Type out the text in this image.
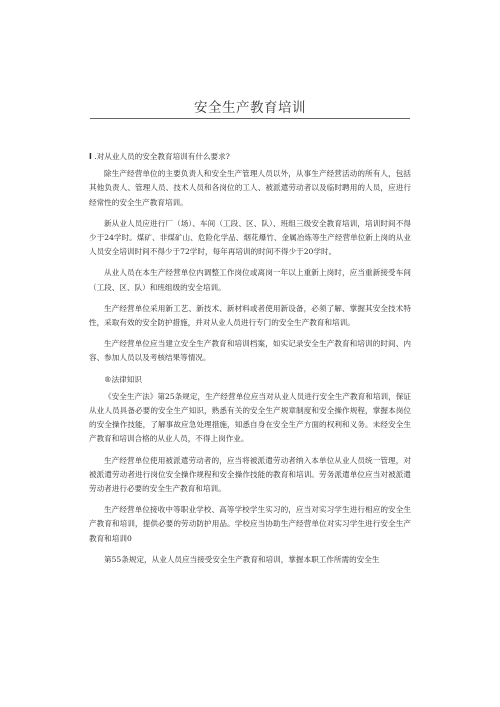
安全生产教育培训

I .对从业人员的安全教育培训有什么要求?

除生产经营单位的主要负责人和安全生产管理人员以外，从事生产经营活动的所有人，包括其他负责人、管理人员、技术人员和各岗位的工人、被派遣劳动者以及临时聘用的人员，应进行经常性的安全生产教育培训。

新从业人员应进行厂（场）、车间（工段、区、队）、班组三级安全教育培训，培训时间不得少于24学时。煤矿、非煤矿山、危险化学品、烟花爆竹、金属冶炼等生产经营单位新上岗的从业人员安全培训时间不得少于72学时，每年再培训的时间不得少于20学时。

从业人员在本生产经营单位内调整工作岗位或离岗一年以上重新上岗时，应当重新接受车间（工段、区、队）和班组级的安全培训。

生产经营单位采用新工艺、新技术、新材料或者使用新设备，必须了解、掌握其安全技术特性，采取有效的安全防护措施，并对从业人员进行专门的安全生产教育和培训。

生产经营单位应当建立安全生产教育和培训档案，如实记录安全生产教育和培训的时间、内容、参加人员以及考核结果等情况。

®法律知识

《安全生产法》第25条规定，生产经营单位应当对从业人员进行安全生产教育和培训，保证从业人员具备必要的安全生产知识，熟悉有关的安全生产规章制度和安全操作规程，掌握本岗位的安全操作技能，了解事故应急处理措施，知悉自身在安全生产方面的权利和义务。未经安全生产教育和培训合格的从业人员，不得上岗作业。

生产经营单位使用被派遣劳动者的，应当将被派遣劳动者纳入本单位从业人员统一管理，对被派遣劳动者进行岗位安全操作规程和安全操作技能的教育和培训。劳务派遣单位应当对被派遣劳动者进行必要的安全生产教育和培训。

生产经营单位接收中等职业学校、高等学校学生实习的，应当对实习学生进行相应的安全生产教育和培训，提供必要的劳动防护用品。学校应当协助生产经营单位对实习学生进行安全生产教育和培训0

第55条规定，从业人员应当接受安全生产教育和培训，掌握本职工作所需的安全生
